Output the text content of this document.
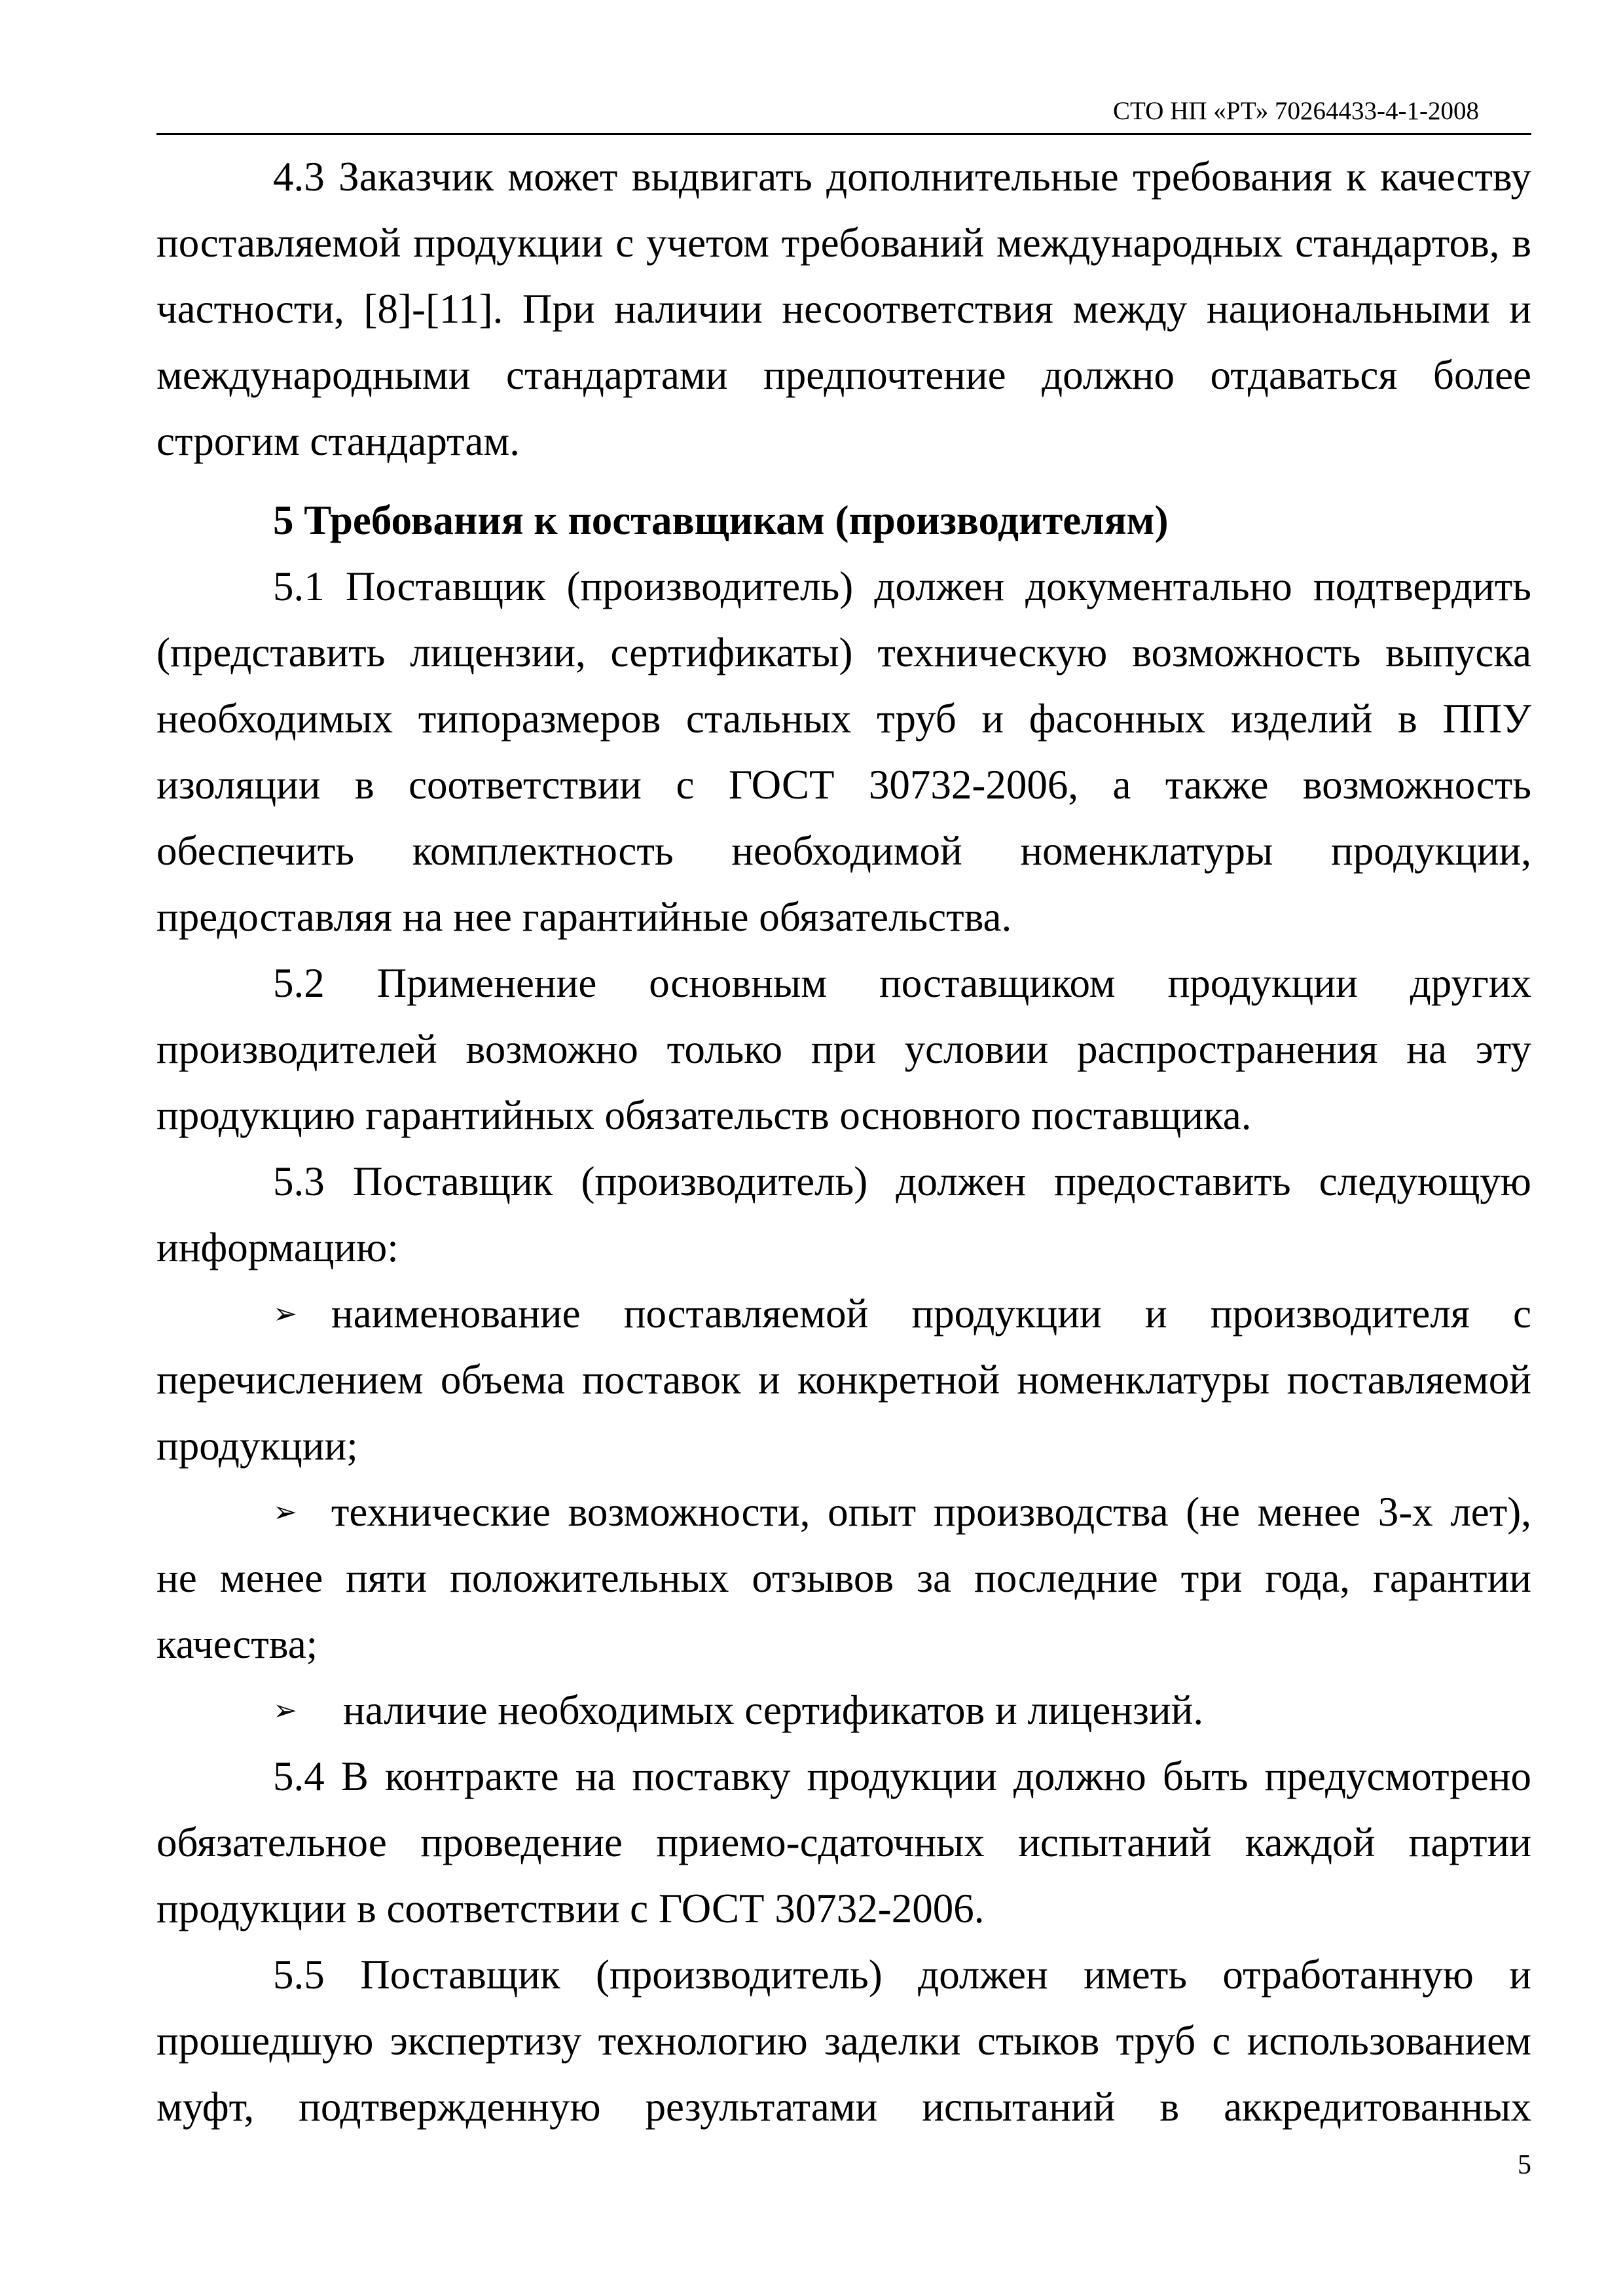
СТО НП «РТ» 70264433-4-1-2008

4.3 Заказчик может выдвигать дополнительные требования к качеству поставляемой продукции с учетом требований международных стандартов, в частности, [8]-[11]. При наличии несоответствия между национальными и международными стандартами предпочтение должно отдаваться более строгим стандартам.

5 Требования к поставщикам (производителям)

5.1 Поставщик (производитель) должен документально подтвердить (представить лицензии, сертификаты) техническую возможность выпуска необходимых типоразмеров стальных труб и фасонных изделий в ППУ изоляции в соответствии с ГОСТ 30732-2006, а также возможность обеспечить комплектность необходимой номенклатуры продукции, предоставляя на нее гарантийные обязательства.

5.2 Применение основным поставщиком продукции других производителей возможно только при условии распространения на эту продукцию гарантийных обязательств основного поставщика.

5.3 Поставщик (производитель) должен предоставить следующую информацию:

➢ наименование поставляемой продукции и производителя с перечислением объема поставок и конкретной номенклатуры поставляемой продукции;

➢ технические возможности, опыт производства (не менее 3-х лет), не менее пяти положительных отзывов за последние три года, гарантии качества;

➢ наличие необходимых сертификатов и лицензий.

5.4 В контракте на поставку продукции должно быть предусмотрено обязательное проведение приемо-сдаточных испытаний каждой партии продукции в соответствии с ГОСТ 30732-2006.

5.5 Поставщик (производитель) должен иметь отработанную и прошедшую экспертизу технологию заделки стыков труб с использованием муфт, подтвержденную результатами испытаний в аккредитованных

5
